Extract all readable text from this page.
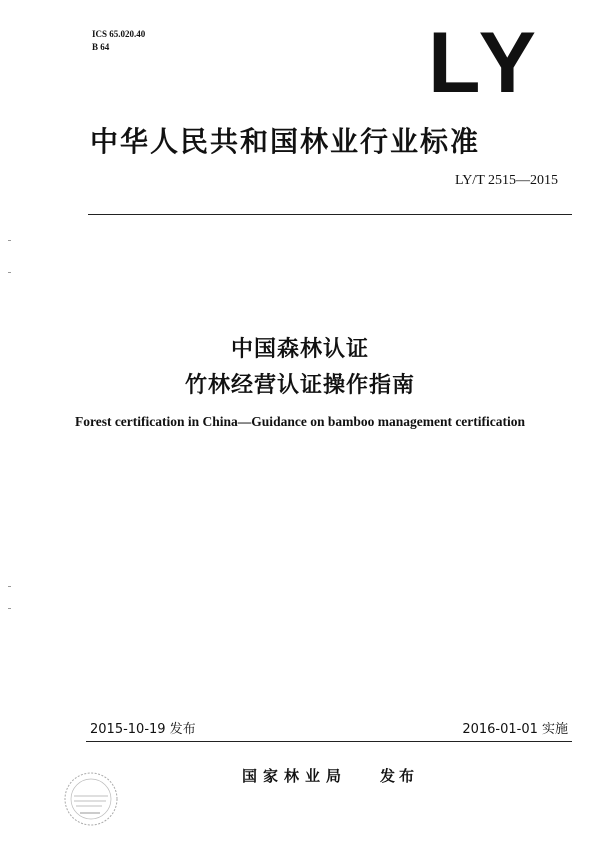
ICS 65.020.40
B 64	LY
中华人民共和国林业行业标准
LY/T 2515—2015
中国森林认证
竹林经营认证操作指南
Forest certification in China—Guidance on bamboo management certification
2015-10-19 发布	2016-01-01 实施
国家林业局 发布
